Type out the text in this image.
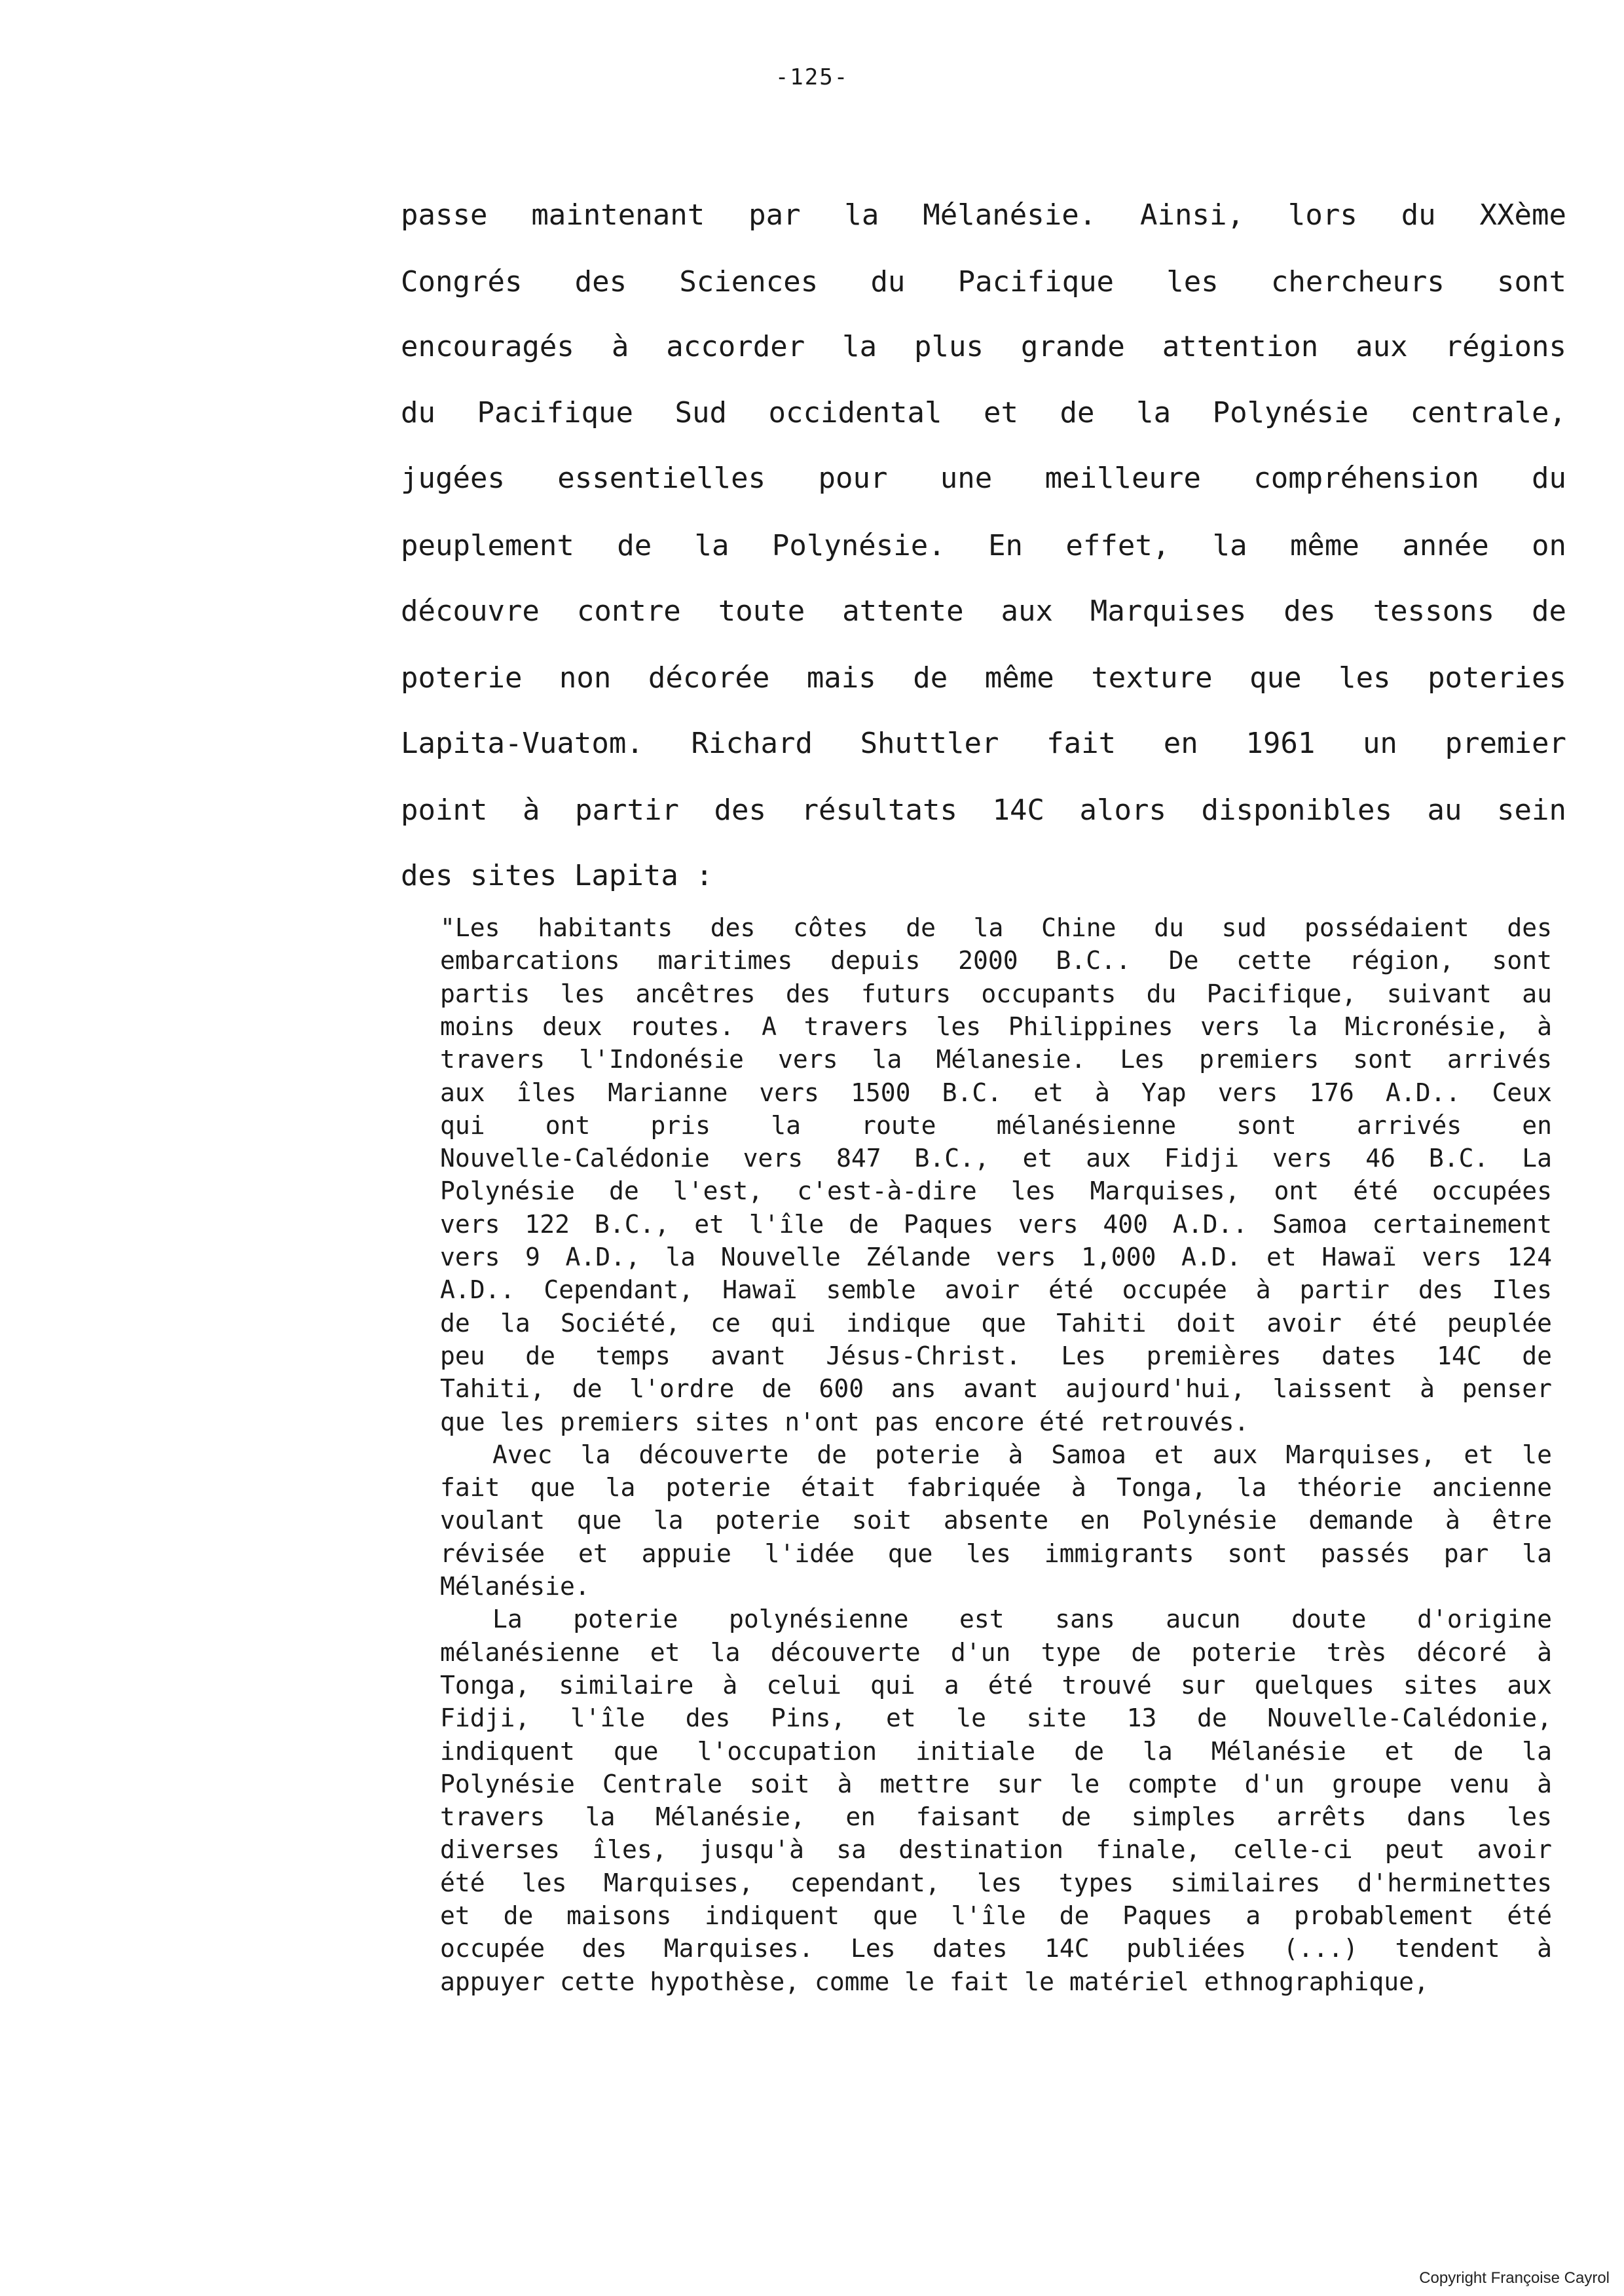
-125-
passe maintenant par la Mélanésie. Ainsi, lors du XXème
Congrés des Sciences du Pacifique les chercheurs sont
encouragés à accorder la plus grande attention aux régions
du Pacifique Sud occidental et de la Polynésie centrale,
jugées essentielles pour une meilleure compréhension du
peuplement de la Polynésie. En effet, la même année on
découvre contre toute attente aux Marquises des tessons de
poterie non décorée mais de même texture que les poteries
Lapita-Vuatom. Richard Shuttler fait en 1961 un premier
point à partir des résultats 14C alors disponibles au sein
des sites Lapita :
"Les habitants des côtes de la Chine du sud possédaient des
embarcations maritimes depuis 2000 B.C.. De cette région, sont
partis les ancêtres des futurs occupants du Pacifique, suivant au
moins deux routes. A travers les Philippines vers la Micronésie, à
travers l'Indonésie vers la Mélanesie. Les premiers sont arrivés
aux îles Marianne vers 1500 B.C. et à Yap vers 176 A.D.. Ceux
qui ont pris la route mélanésienne sont arrivés en
Nouvelle-Calédonie vers 847 B.C., et aux Fidji vers 46 B.C. La
Polynésie de l'est, c'est-à-dire les Marquises, ont été occupées
vers 122 B.C., et l'île de Paques vers 400 A.D.. Samoa certainement
vers 9 A.D., la Nouvelle Zélande vers 1,000 A.D. et Hawaï vers 124
A.D.. Cependant, Hawaï semble avoir été occupée à partir des Iles
de la Société, ce qui indique que Tahiti doit avoir été peuplée
peu de temps avant Jésus-Christ. Les premières dates 14C de
Tahiti, de l'ordre de 600 ans avant aujourd'hui, laissent à penser
que les premiers sites n'ont pas encore été retrouvés.
Avec la découverte de poterie à Samoa et aux Marquises, et le
fait que la poterie était fabriquée à Tonga, la théorie ancienne
voulant que la poterie soit absente en Polynésie demande à être
révisée et appuie l'idée que les immigrants sont passés par la
Mélanésie.
La poterie polynésienne est sans aucun doute d'origine
mélanésienne et la découverte d'un type de poterie très décoré à
Tonga, similaire à celui qui a été trouvé sur quelques sites aux
Fidji, l'île des Pins, et le site 13 de Nouvelle-Calédonie,
indiquent que l'occupation initiale de la Mélanésie et de la
Polynésie Centrale soit à mettre sur le compte d'un groupe venu à
travers la Mélanésie, en faisant de simples arrêts dans les
diverses îles, jusqu'à sa destination finale, celle-ci peut avoir
été les Marquises, cependant, les types similaires d'herminettes
et de maisons indiquent que l'île de Paques a probablement été
occupée des Marquises. Les dates 14C publiées (...) tendent à
appuyer cette hypothèse, comme le fait le matériel ethnographique,
Copyright Françoise Cayrol
